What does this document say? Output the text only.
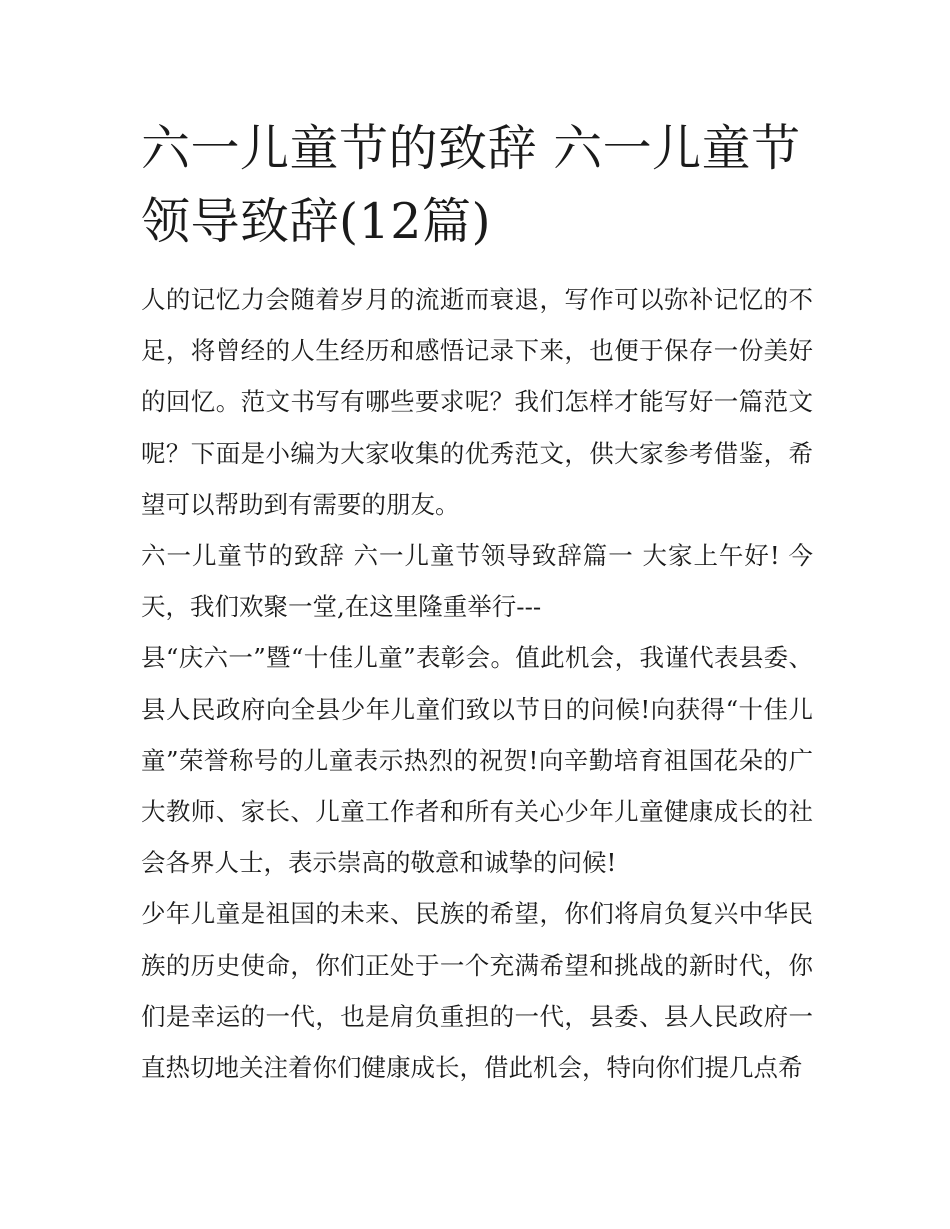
六一儿童节的致辞 六一儿童节领导致辞(12篇)

人的记忆力会随着岁月的流逝而衰退，写作可以弥补记忆的不足，将曾经的人生经历和感悟记录下来，也便于保存一份美好的回忆。范文书写有哪些要求呢？我们怎样才能写好一篇范文呢？下面是小编为大家收集的优秀范文，供大家参考借鉴，希望可以帮助到有需要的朋友。

六一儿童节的致辞 六一儿童节领导致辞篇一 大家上午好! 今天，我们欢聚一堂,在这里隆重举行---

县“庆六一”暨“十佳儿童”表彰会。值此机会，我谨代表县委、县人民政府向全县少年儿童们致以节日的问候!向获得“十佳儿童”荣誉称号的儿童表示热烈的祝贺!向辛勤培育祖国花朵的广大教师、家长、儿童工作者和所有关心少年儿童健康成长的社会各界人士，表示崇高的敬意和诚挚的问候!

少年儿童是祖国的未来、民族的希望，你们将肩负复兴中华民族的历史使命，你们正处于一个充满希望和挑战的新时代，你们是幸运的一代，也是肩负重担的一代，县委、县人民政府一直热切地关注着你们健康成长，借此机会，特向你们提几点希
